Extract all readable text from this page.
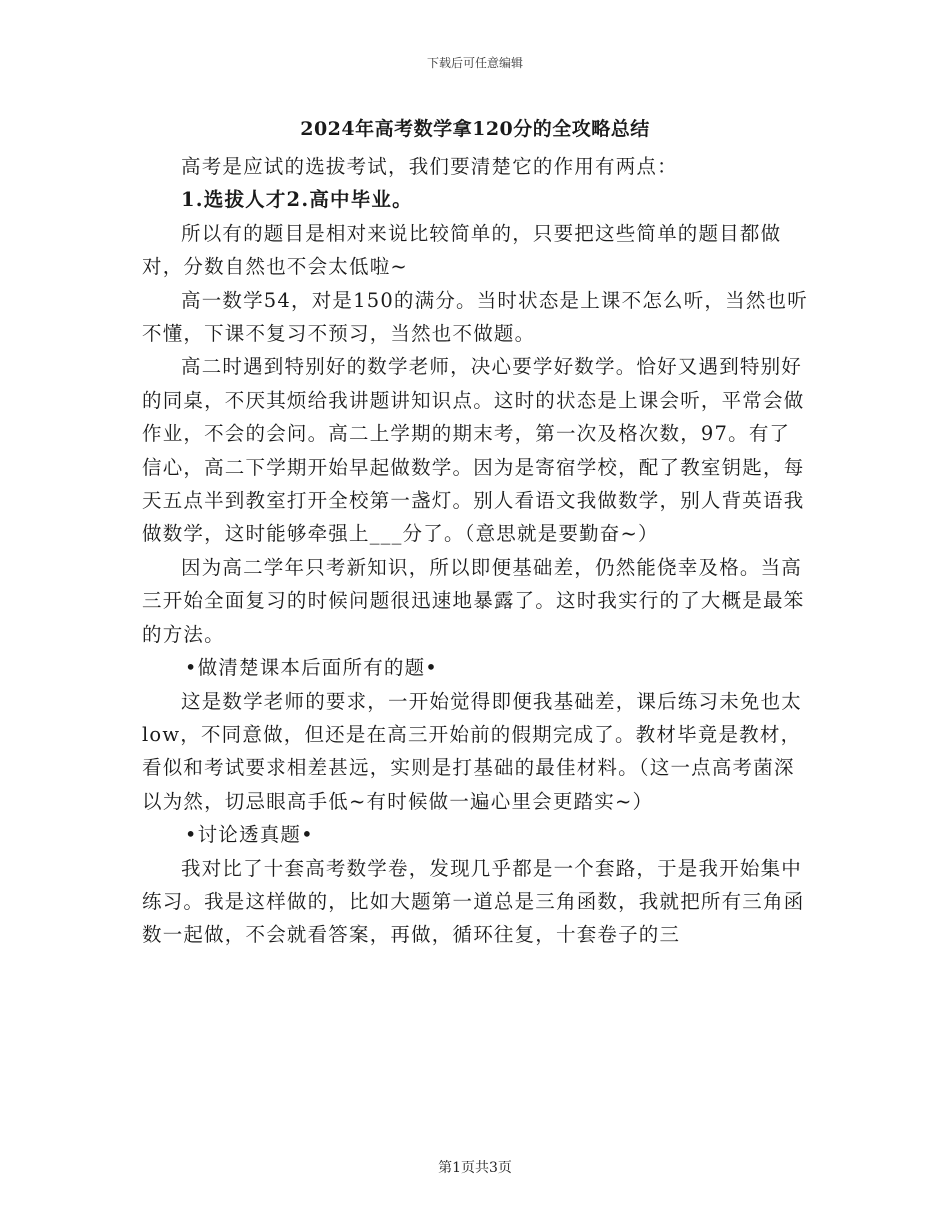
下载后可任意编辑
2024年高考数学拿120分的全攻略总结

高考是应试的选拔考试，我们要清楚它的作用有两点：

1.选拔人才2.高中毕业。

所以有的题目是相对来说比较简单的，只要把这些简单的题目都做对，分数自然也不会太低啦~

高一数学54，对是150的满分。当时状态是上课不怎么听，当然也听不懂，下课不复习不预习，当然也不做题。

高二时遇到特别好的数学老师，决心要学好数学。恰好又遇到特别好的同桌，不厌其烦给我讲题讲知识点。这时的状态是上课会听，平常会做作业，不会的会问。高二上学期的期末考，第一次及格次数，97。有了信心，高二下学期开始早起做数学。因为是寄宿学校，配了教室钥匙，每天五点半到教室打开全校第一盏灯。别人看语文我做数学，别人背英语我做数学，这时能够牵强上___分了。（意思就是要勤奋~）

因为高二学年只考新知识，所以即便基础差，仍然能侥幸及格。当高三开始全面复习的时候问题很迅速地暴露了。这时我实行的了大概是最笨的方法。

•做清楚课本后面所有的题•

这是数学老师的要求，一开始觉得即便我基础差，课后练习未免也太low，不同意做，但还是在高三开始前的假期完成了。教材毕竟是教材，看似和考试要求相差甚远，实则是打基础的最佳材料。（这一点高考菌深以为然，切忌眼高手低~有时候做一遍心里会更踏实~）

•讨论透真题•

我对比了十套高考数学卷，发现几乎都是一个套路，于是我开始集中练习。我是这样做的，比如大题第一道总是三角函数，我就把所有三角函数一起做，不会就看答案，再做，循环往复，十套卷子的三

第1页共3页
